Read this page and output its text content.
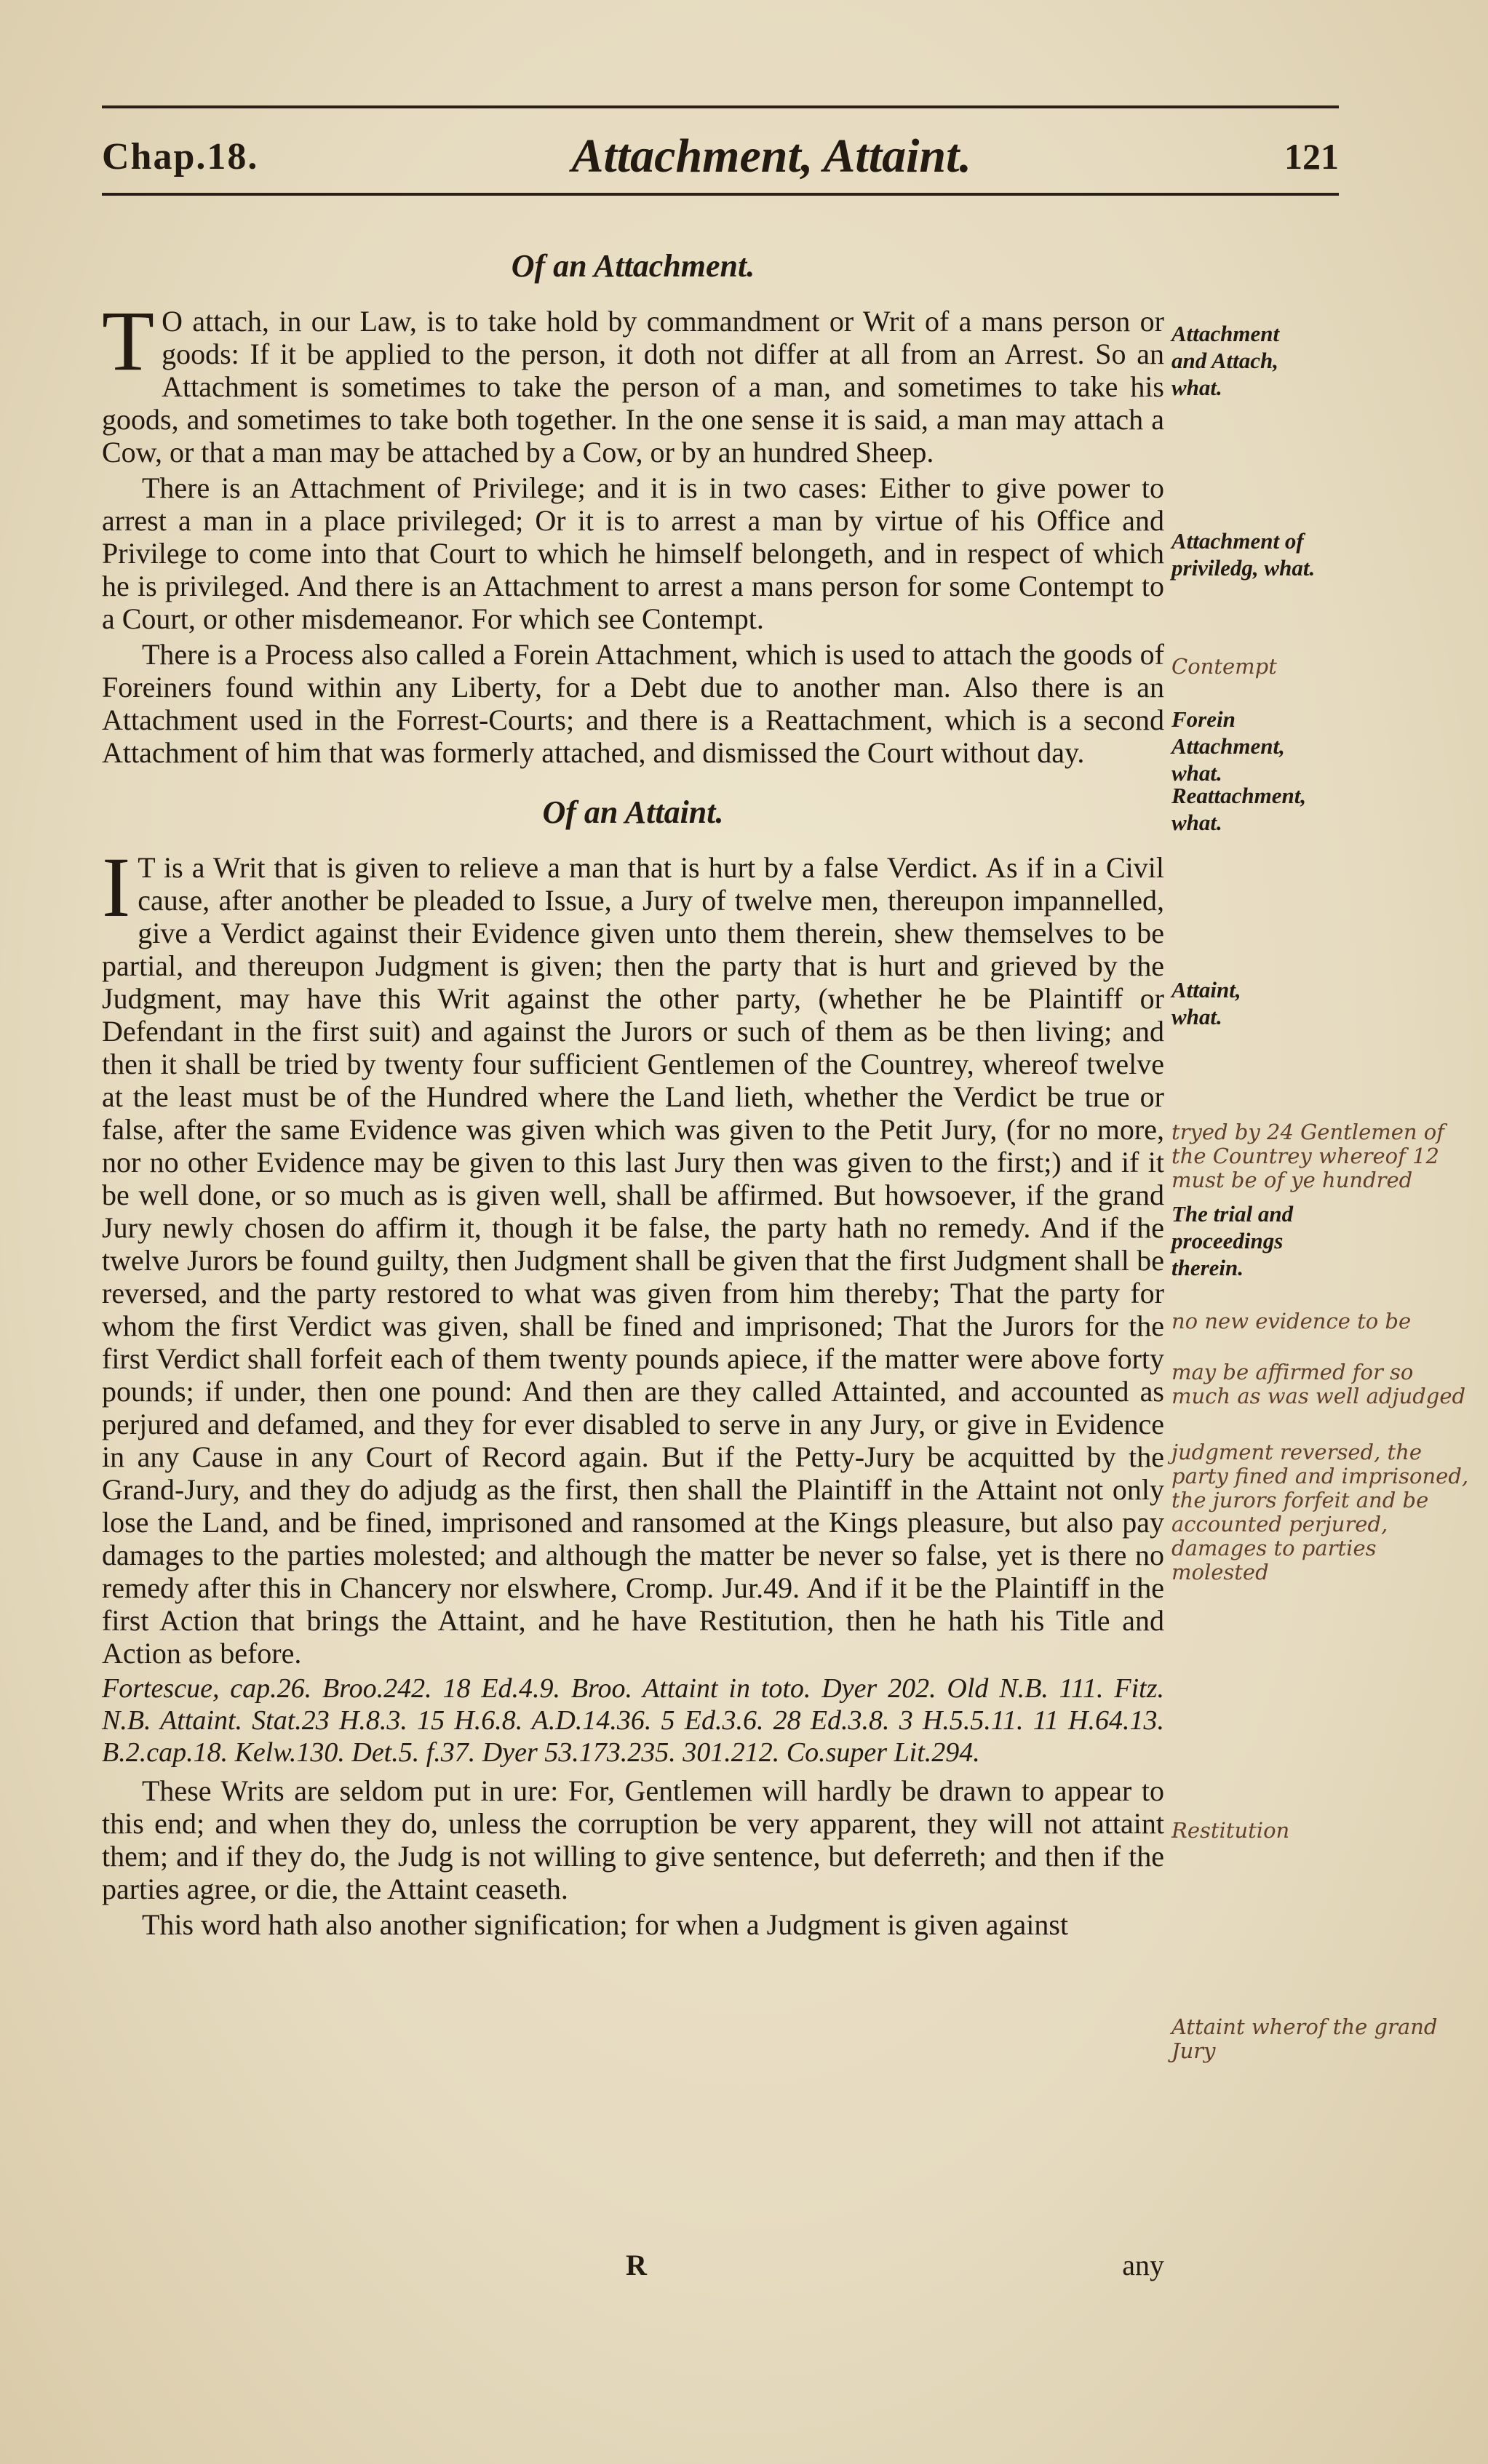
Chap.18.	Attachment, Attaint.	121
Of an Attachment.

T O attach, in our Law, is to take hold by commandment or Writ of a mans person or goods: If it be applied to the person, it doth not differ at all from an Arrest. So an Attachment is sometimes to take the person of a man, and sometimes to take his goods, and sometimes to take both together. In the one sense it is said, a man may attach a Cow, or that a man may be attached by a Cow, or by an hundred Sheep.

There is an Attachment of Privilege; and it is in two cases: Either to give power to arrest a man in a place privileged; Or it is to arrest a man by virtue of his Office and Privilege to come into that Court to which he himself belongeth, and in respect of which he is privileged. And there is an Attachment to arrest a mans person for some Contempt to a Court, or other misdemeanor. For which see Contempt.

There is a Process also called a Forein Attachment, which is used to attach the goods of Foreiners found within any Liberty, for a Debt due to another man. Also there is an Attachment used in the Forrest-Courts; and there is a Reattachment, which is a second Attachment of him that was formerly attached, and dismissed the Court without day.

Of an Attaint.

I T is a Writ that is given to relieve a man that is hurt by a false Verdict. As if in a Civil cause, after another be pleaded to Issue, a Jury of twelve men, thereupon impannelled, give a Verdict against their Evidence given unto them therein, shew themselves to be partial, and thereupon Judgment is given; then the party that is hurt and grieved by the Judgment, may have this Writ against the other party, (whether he be Plaintiff or Defendant in the first suit) and against the Jurors or such of them as be then living; and then it shall be tried by twenty four sufficient Gentlemen of the Countrey, whereof twelve at the least must be of the Hundred where the Land lieth, whether the Verdict be true or false, after the same Evidence was given which was given to the Petit Jury, (for no more, nor no other Evidence may be given to this last Jury then was given to the first;) and if it be well done, or so much as is given well, shall be affirmed. But howsoever, if the grand Jury newly chosen do affirm it, though it be false, the party hath no remedy. And if the twelve Jurors be found guilty, then Judgment shall be given that the first Judgment shall be reversed, and the party restored to what was given from him thereby; That the party for whom the first Verdict was given, shall be fined and imprisoned; That the Jurors for the first Verdict shall forfeit each of them twenty pounds apiece, if the matter were above forty pounds; if under, then one pound: And then are they called Attainted, and accounted as perjured and defamed, and they for ever disabled to serve in any Jury, or give in Evidence in any Cause in any Court of Record again. But if the Petty-Jury be acquitted by the Grand-Jury, and they do adjudg as the first, then shall the Plaintiff in the Attaint not only lose the Land, and be fined, imprisoned and ransomed at the Kings pleasure, but also pay damages to the parties molested; and although the matter be never so false, yet is there no remedy after this in Chancery nor elswhere, Cromp. Jur.49. And if it be the Plaintiff in the first Action that brings the Attaint, and he have Restitution, then he hath his Title and Action as before.

Fortescue, cap.26. Broo.242. 18 Ed.4.9. Broo. Attaint in toto. Dyer 202. Old N.B. 111. Fitz. N.B. Attaint. Stat.23 H.8.3. 15 H.6.8. A.D.14.36. 5 Ed.3.6. 28 Ed.3.8. 3 H.5.5.11. 11 H.64.13. B.2.cap.18. Kelw.130. Det.5. f.37. Dyer 53.173.235. 301.212. Co.super Lit.294.

These Writs are seldom put in ure: For, Gentlemen will hardly be drawn to appear to this end; and when they do, unless the corruption be very apparent, they will not attaint them; and if they do, the Judg is not willing to give sentence, but deferreth; and then if the parties agree, or die, the Attaint ceaseth.

This word hath also another signification; for when a Judgment is given against

Attachment and Attach, what.
Attachment of priviledg, what.
Contempt
Forein Attachment, what.
Reattachment, what.
Attaint, what.
tryed by 24 Gentlemen of the Countrey whereof 12 must be of ye hundred
The trial and proceedings therein.
no new evidence to be
may be affirmed for so much as was well adjudged
judgment reversed, the party fined and imprisoned, the jurors forfeit and be accounted perjured, damages to parties molested
Restitution
Attaint wherof the grand Jury
R	any
